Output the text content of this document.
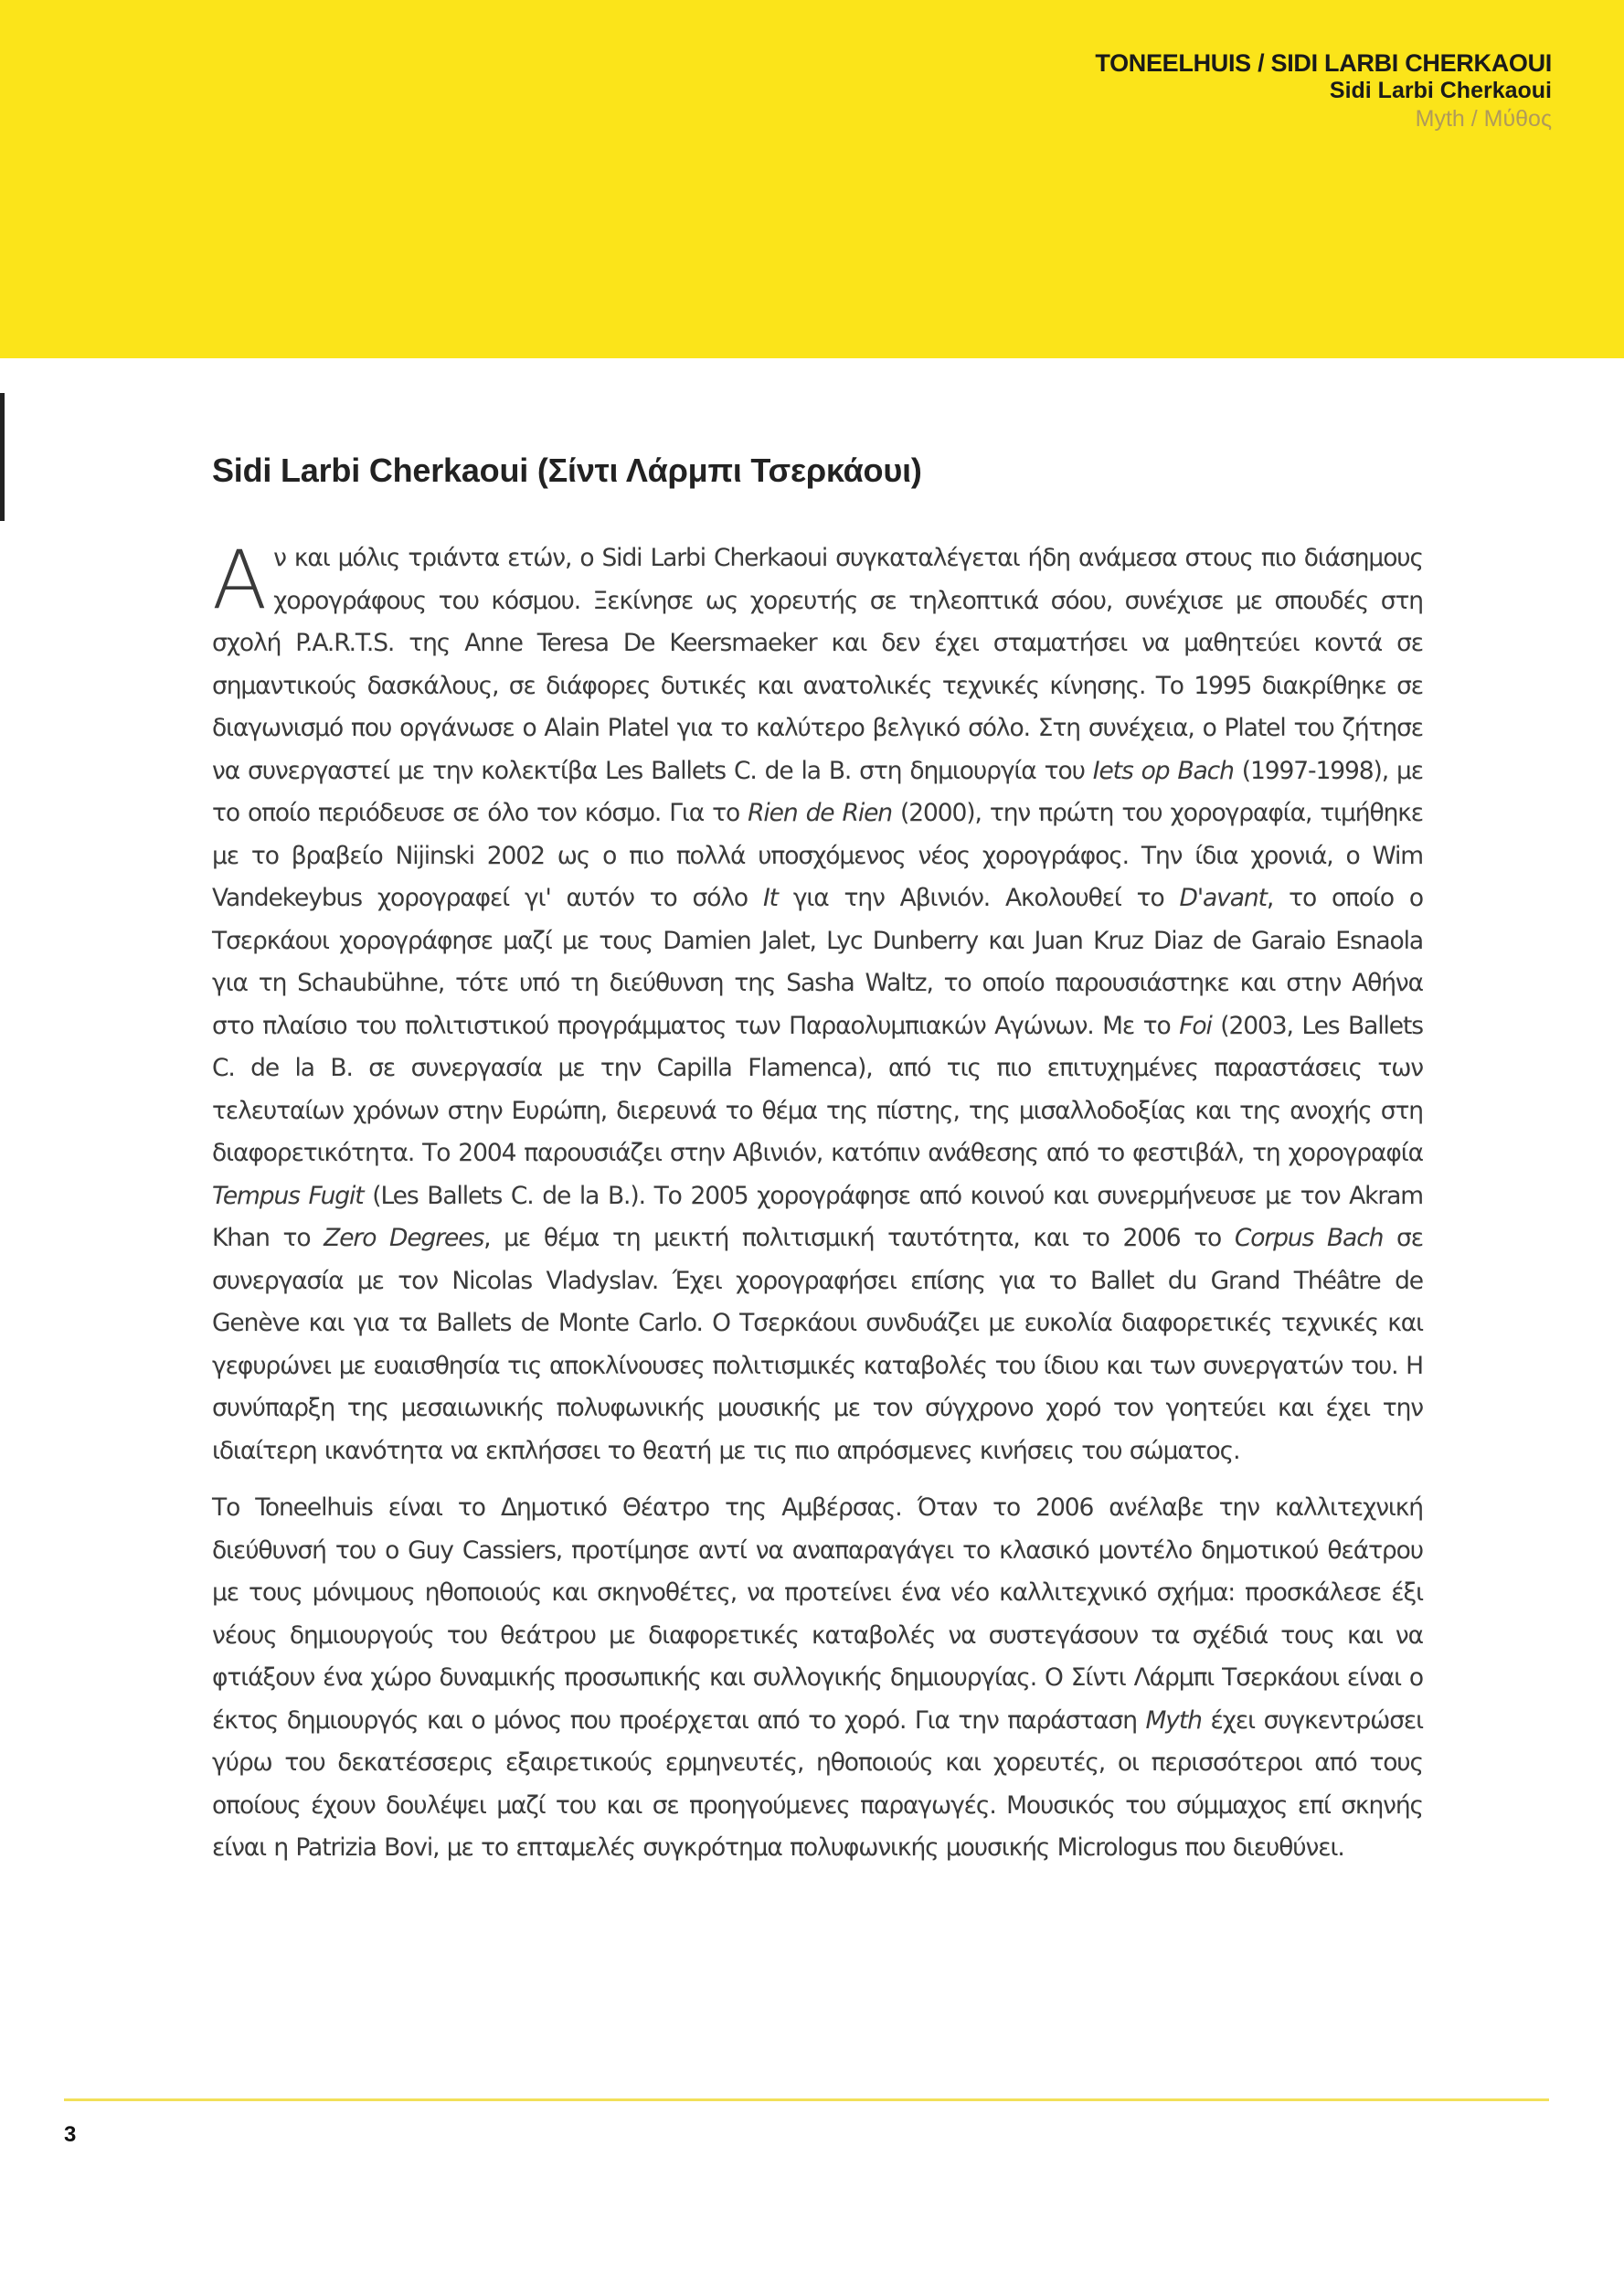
TONEELHUIS / SIDI LARBI CHERKAOUI
Sidi Larbi Cherkaoui
Myth / Μύθος
Sidi Larbi Cherkaoui (Σίντι Λάρμπι Τσερκάουι)

Αν και μόλις τριάντα ετών, ο Sidi Larbi Cherkaoui συγκαταλέγεται ήδη ανάμεσα στους πιο διάσημους χορογράφους του κόσμου. Ξεκίνησε ως χορευτής σε τηλεοπτικά σόου, συνέχισε με σπουδές στη σχολή P.A.R.T.S. της Anne Teresa De Keersmaeker και δεν έχει σταματήσει να μαθητεύει κοντά σε σημαντικούς δασκάλους, σε διάφορες δυτικές και ανατολικές τεχνικές κίνησης. Το 1995 διακρίθηκε σε διαγωνισμό που οργάνωσε ο Alain Platel για το καλύτερο βελγικό σόλο. Στη συνέχεια, ο Platel του ζήτησε να συνεργαστεί με την κολεκτίβα Les Ballets C. de la B. στη δημιουργία του Iets op Bach (1997-1998), με το οποίο περιόδευσε σε όλο τον κόσμο. Για το Rien de Rien (2000), την πρώτη του χορογραφία, τιμήθηκε με το βραβείο Nijinski 2002 ως ο πιο πολλά υποσχόμενος νέος χορογράφος. Την ίδια χρονιά, ο Wim Vandekeybus χορογραφεί γι' αυτόν το σόλο It για την Αβινιόν. Ακολουθεί το D'avant, το οποίο ο Τσερκάουι χορογράφησε μαζί με τους Damien Jalet, Lyc Dunberry και Juan Kruz Diaz de Garaio Esnaola για τη Schaubühne, τότε υπό τη διεύθυνση της Sasha Waltz, το οποίο παρουσιάστηκε και στην Αθήνα στο πλαίσιο του πολιτιστικού προγράμματος των Παραολυμπιακών Αγώνων. Με το Foi (2003, Les Ballets C. de la B. σε συνεργασία με την Capilla Flamenca), από τις πιο επιτυχημένες παραστάσεις των τελευταίων χρόνων στην Ευρώπη, διερευνά το θέμα της πίστης, της μισαλλοδοξίας και της ανοχής στη διαφορετικότητα. Το 2004 παρουσιάζει στην Αβινιόν, κατόπιν ανάθεσης από το φεστιβάλ, τη χορογραφία Tempus Fugit (Les Ballets C. de la B.). Το 2005 χορογράφησε από κοινού και συνερμήνευσε με τον Akram Khan το Zero Degrees, με θέμα τη μεικτή πολιτισμική ταυτότητα, και το 2006 το Corpus Bach σε συνεργασία με τον Nicolas Vladyslav. Έχει χορογραφήσει επίσης για το Ballet du Grand Théâtre de Genève και για τα Ballets de Monte Carlo. Ο Τσερκάουι συνδυάζει με ευκολία διαφορετικές τεχνικές και γεφυρώνει με ευαισθησία τις αποκλίνουσες πολιτισμικές καταβολές του ίδιου και των συνεργατών του. Η συνύπαρξη της μεσαιωνικής πολυφωνικής μουσικής με τον σύγχρονο χορό τον γοητεύει και έχει την ιδιαίτερη ικανότητα να εκπλήσσει το θεατή με τις πιο απρόσμενες κινήσεις του σώματος.

Το Toneelhuis είναι το Δημοτικό Θέατρο της Αμβέρσας. Όταν το 2006 ανέλαβε την καλλιτεχνική διεύθυνσή του ο Guy Cassiers, προτίμησε αντί να αναπαραγάγει το κλασικό μοντέλο δημοτικού θεάτρου με τους μόνιμους ηθοποιούς και σκηνοθέτες, να προτείνει ένα νέο καλλιτεχνικό σχήμα: προσκάλεσε έξι νέους δημιουργούς του θεάτρου με διαφορετικές καταβολές να συστεγάσουν τα σχέδιά τους και να φτιάξουν ένα χώρο δυναμικής προσωπικής και συλλογικής δημιουργίας. Ο Σίντι Λάρμπι Τσερκάουι είναι ο έκτος δημιουργός και ο μόνος που προέρχεται από το χορό. Για την παράσταση Myth έχει συγκεντρώσει γύρω του δεκατέσσερις εξαιρετικούς ερμηνευτές, ηθοποιούς και χορευτές, οι περισσότεροι από τους οποίους έχουν δουλέψει μαζί του και σε προηγούμενες παραγωγές. Μουσικός του σύμμαχος επί σκηνής είναι η Patrizia Bovi, με το επταμελές συγκρότημα πολυφωνικής μουσικής Micrologus που διευθύνει.

3
